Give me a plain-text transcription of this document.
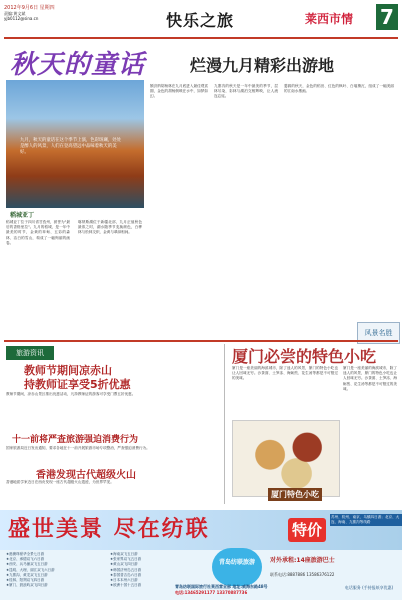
2012年9月6日 星期四
责编:黄文斌
yjb0112@sina.cn	快乐之旅	莱西市情 7
秋天的童话	烂漫九月精彩出游地
九月，秋天的童话在这个季节上演，色彩斑斓，处处是醉人的风景，人们在登高望远中品味着秋天的美好。
稻城亚丁
稻城亚丁位于四川省甘孜州，被誉为"最后的香格里拉"。九月的稻城，是一年中最美的时节，金黄的草甸、五彩的森林、洁白的雪山，构成了一幅绚丽的画卷。
喀纳斯湖位于新疆北部，九月正值秋色最浓之时，湖水随季节变换颜色，白桦林与松林交织，金黄与翠绿相间。
额济纳胡杨林在九月底进入最佳观赏期，金色的胡杨倒映在水中，如梦如幻。
九寨沟的秋天是一年中最美的季节，层林尽染，彩林与湖泊交相辉映，让人流连忘返。
婺源的秋天，金色的稻田、红色的枫叶、白墙黛瓦，组成了一幅美丽的江南水墨画。
风景名胜
旅游资讯
教师节期间凉赤山
持教师证享受5折优惠
教师节期间，凉赤山景区推出优惠活动，凡持教师证的游客可享受门票五折优惠。
十一前将严查旅游强迫消费行为
国家旅游局近日发出通知，要求各地在十一前开展旅游市场专项整治，严查强迫消费行为。
香港发现古代超级火山
香港地质学家近日在西贡发现一座古代超级火山遗迹，为世界罕见。
厦门必尝的特色小吃
厦门是一座美丽的海滨城市，除了迷人的风景，厦门的特色小吃也让人回味无穷。沙茶面、土笋冻、海蛎煎、花生汤等都是不可错过的美味。
厦门特色小吃
厦门是一座美丽的海滨城市，除了迷人的风景，厦门的特色小吃也让人回味无穷。沙茶面、土笋冻、海蛎煎、花生汤等都是不可错过的美味。
盛世美景 尽在纺联	特价
苏州、杭州、南京、乌镇四日游；北京、大连、海南、九寨沟等线路
★港澳珠豪华全景七日游
★北京、承德双飞六日游
★西安、兵马俑双飞五日游
★昆明、大理、丽江双飞六日游
★九寨沟、黄龙双飞五日游
★桂林、阳朔双飞四日游
★厦门、鼓浪屿双飞四日游
★海南双飞五日游
★张家界双飞五日游
★黄山双飞四日游
★韩国济州岛五日游
★泰国普吉岛六日游
★日本本州六日游
★欧洲十国十五日游
青岛纺联旅游	对外承租:14座旅游巴士
联系电话:8887886 13586376122
青岛纺联国际旅行社莱西营业部 地址:威海东路48号
电话:13465291177 13370887736
电话服务 (手持报纸享优惠)
